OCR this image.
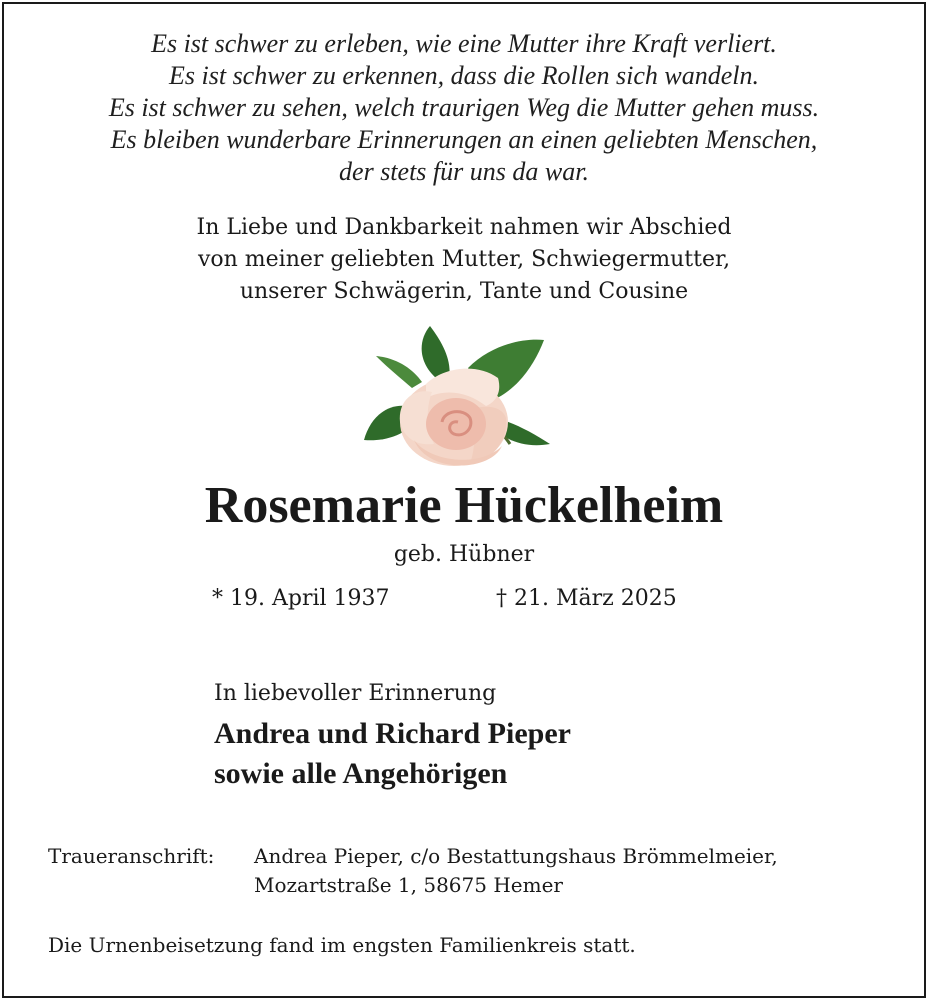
Es ist schwer zu erleben, wie eine Mutter ihre Kraft verliert.
Es ist schwer zu erkennen, dass die Rollen sich wandeln.
Es ist schwer zu sehen, welch traurigen Weg die Mutter gehen muss.
Es bleiben wunderbare Erinnerungen an einen geliebten Menschen,
der stets für uns da war.
In Liebe und Dankbarkeit nahmen wir Abschied
von meiner geliebten Mutter, Schwiegermutter,
unserer Schwägerin, Tante und Cousine
Rosemarie Hückelheim
geb. Hübner
* 19. April 1937	† 21. März 2025
In liebevoller Erinnerung
Andrea und Richard Pieper
sowie alle Angehörigen
Traueranschrift: Andrea Pieper, c/o Bestattungshaus Brömmelmeier,
Mozartstraße 1, 58675 Hemer
Die Urnenbeisetzung fand im engsten Familienkreis statt.
